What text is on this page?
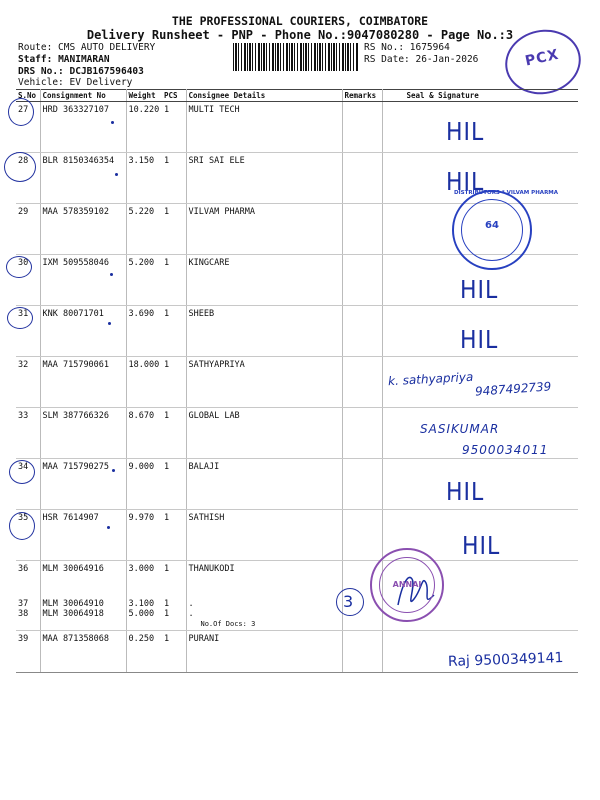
THE PROFESSIONAL COURIERS, COIMBATORE
Delivery Runsheet - PNP - Phone No.:9047080280 - Page No.:3
Route: CMS AUTO DELIVERY
Staff: MANIMARAN
DRS No.: DCJB167596403
Vehicle: EV Delivery
RS No.: 1675964
RS Date: 26-Jan-2026	PCX
S.No	Consignment No	Weight	PCS	Consignee Details	Remarks	Seal & Signature
27	HRD 363327107	10.220	1	MULTI TECH		
28	BLR 8150346354	3.150	1	SRI SAI ELE		
29	MAA 578359102	5.220	1	VILVAM PHARMA		
30	IXM 509558046	5.200	1	KINGCARE		
31	KNK 80071701	3.690	1	SHEEB		
32	MAA 715790061	18.000	1	SATHYAPRIYA		
33	SLM 387766326	8.670	1	GLOBAL LAB		
34	MAA 715790275	9.000	1	BALAJI		
35	HSR 7614907	9.970	1	SATHISH		
36	MLM 30064916	3.000	1	THANUKODI		
37	MLM 30064910	3.100	1	.		
38	MLM 30064918	5.000	1	.		
				No.Of Docs: 3		
39	MAA 871358068	0.250	1	PURANI		
HIL
HIL
HIL
HIL
k. sathyapriya
9487492739
SASIKUMAR
9500034011
HIL
HIL
3
Raj 9500349141
DISTRIBUTORS * VILVAM PHARMA
64
ANNAI
